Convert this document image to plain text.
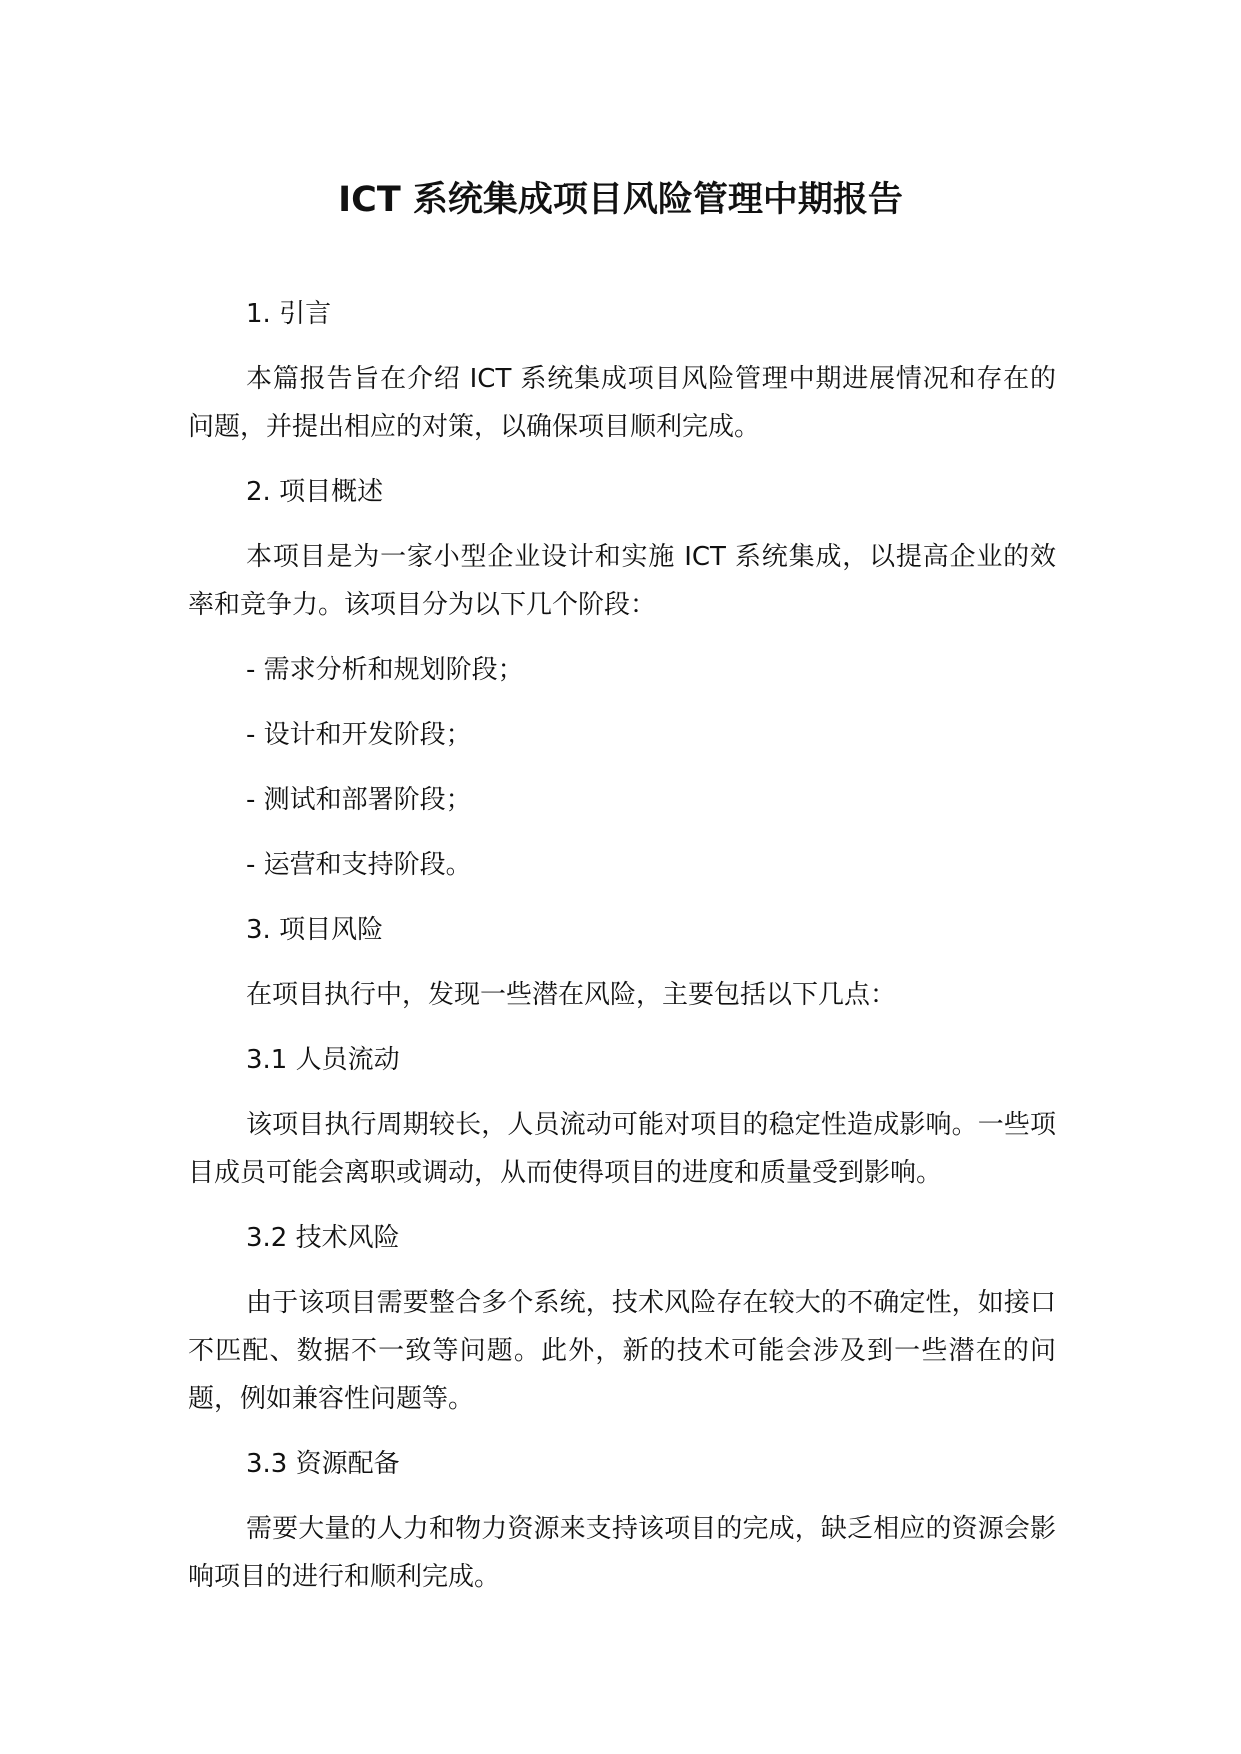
ICT 系统集成项目风险管理中期报告

1. 引言

本篇报告旨在介绍 ICT 系统集成项目风险管理中期进展情况和存在的问题，并提出相应的对策，以确保项目顺利完成。

2. 项目概述

本项目是为一家小型企业设计和实施 ICT 系统集成，以提高企业的效率和竞争力。该项目分为以下几个阶段：

- 需求分析和规划阶段；

- 设计和开发阶段；

- 测试和部署阶段；

- 运营和支持阶段。

3. 项目风险

在项目执行中，发现一些潜在风险，主要包括以下几点：

3.1 人员流动

该项目执行周期较长，人员流动可能对项目的稳定性造成影响。一些项目成员可能会离职或调动，从而使得项目的进度和质量受到影响。

3.2 技术风险

由于该项目需要整合多个系统，技术风险存在较大的不确定性，如接口不匹配、数据不一致等问题。此外，新的技术可能会涉及到一些潜在的问题，例如兼容性问题等。

3.3 资源配备

需要大量的人力和物力资源来支持该项目的完成，缺乏相应的资源会影响项目的进行和顺利完成。
